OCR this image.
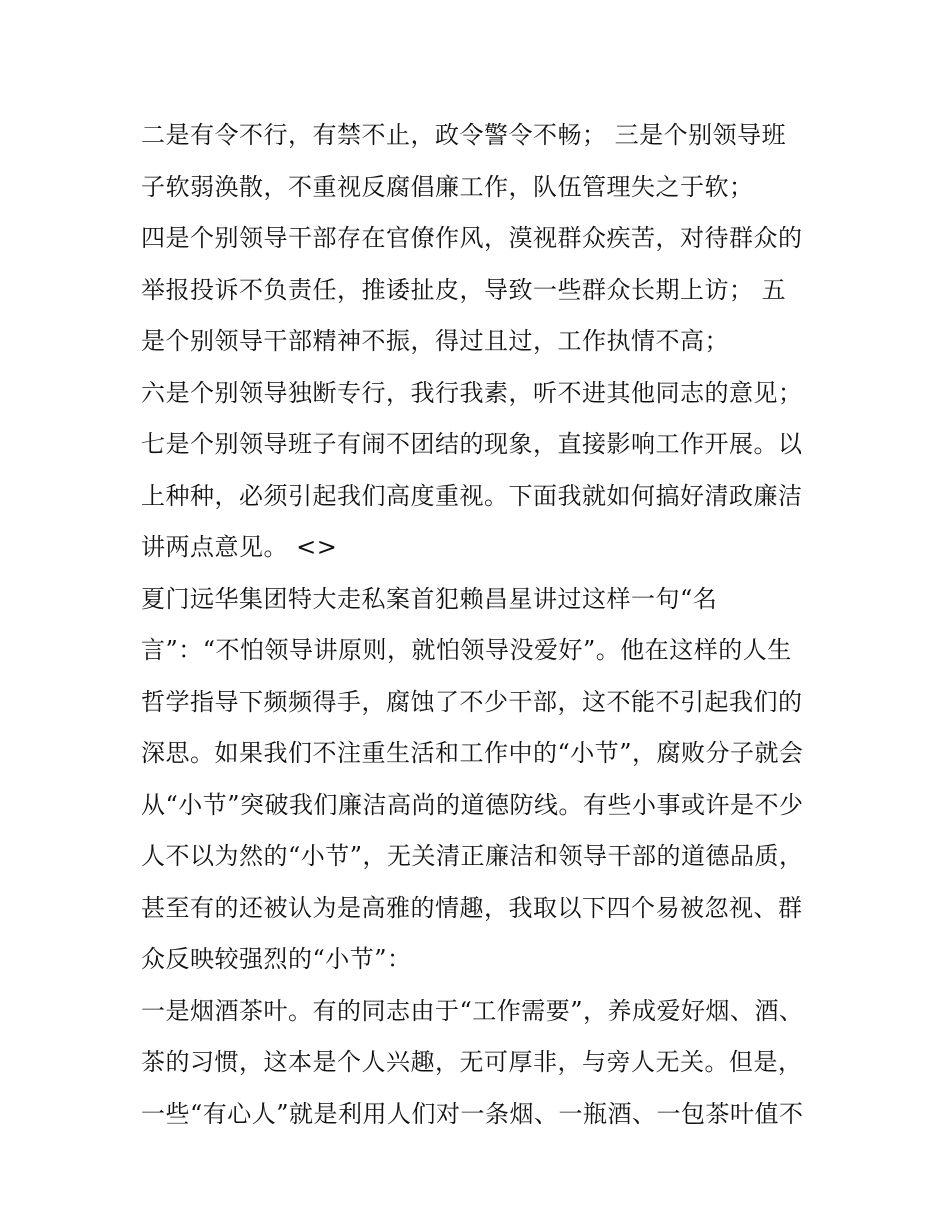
二是有令不行，有禁不止，政令警令不畅； 三是个别领导班
子软弱涣散，不重视反腐倡廉工作，队伍管理失之于软；
四是个别领导干部存在官僚作风，漠视群众疾苦，对待群众的
举报投诉不负责任，推诿扯皮，导致一些群众长期上访； 五
是个别领导干部精神不振，得过且过，工作执情不高；
六是个别领导独断专行，我行我素，听不进其他同志的意见；
七是个别领导班子有闹不团结的现象，直接影响工作开展。以
上种种，必须引起我们高度重视。下面我就如何搞好清政廉洁
讲两点意见。 <>
夏门远华集团特大走私案首犯赖昌星讲过这样一句“名
言”：“不怕领导讲原则，就怕领导没爱好”。他在这样的人生
哲学指导下频频得手，腐蚀了不少干部，这不能不引起我们的
深思。如果我们不注重生活和工作中的“小节”，腐败分子就会
从“小节”突破我们廉洁高尚的道德防线。有些小事或许是不少
人不以为然的“小节”，无关清正廉洁和领导干部的道德品质，
甚至有的还被认为是高雅的情趣，我取以下四个易被忽视、群
众反映较强烈的“小节”：
一是烟酒茶叶。有的同志由于“工作需要”，养成爱好烟、酒、
茶的习惯，这本是个人兴趣，无可厚非，与旁人无关。但是，
一些“有心人”就是利用人们对一条烟、一瓶酒、一包茶叶值不
